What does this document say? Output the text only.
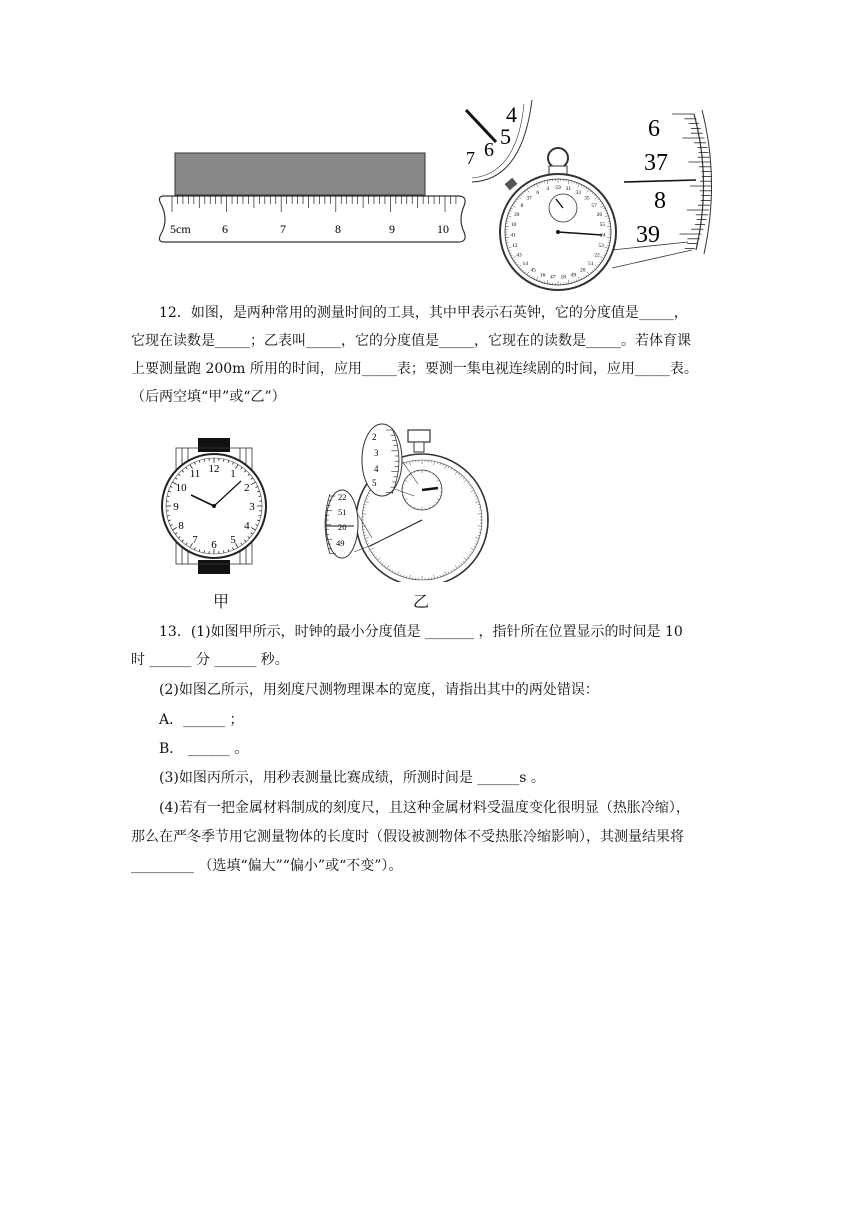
5cm	6	7	8	9	10
4
5
6
7
59 31
33
35
57
26
55
24
53
22
51
20
49
18
47
16
45
14
43
12
41
10
39
8
37
6
4
6
37
8
39

12．如图，是两种常用的测量时间的工具，其中甲表示石英钟，它的分度值是_____，

它现在读数是_____；乙表叫_____，它的分度值是_____，它现在的读数是_____。若体育课

上要测量跑 200m 所用的时间，应用_____表；要测一集电视连续剧的时间，应用_____表。

（后两空填“甲”或“乙”）

12 1
2
3
4
5
6
7
8
9
10
11
2
3
4
5
22
51
20
49
甲	乙
13．(1)如图甲所示，时钟的最小分度值是 _______ ，指针所在位置显示的时间是 10
时 ______ 分 ______ 秒。
(2)如图乙所示，用刻度尺测物理课本的宽度，请指出其中的两处错误：
A．______ ；
B． ______ 。
(3)如图丙所示，用秒表测量比赛成绩，所测时间是 ______s 。
(4)若有一把金属材料制成的刻度尺，且这种金属材料受温度变化很明显（热胀冷缩），
那么在严冬季节用它测量物体的长度时（假设被测物体不受热胀冷缩影响），其测量结果将
_________ （选填“偏大”“偏小”或“不变”）。
